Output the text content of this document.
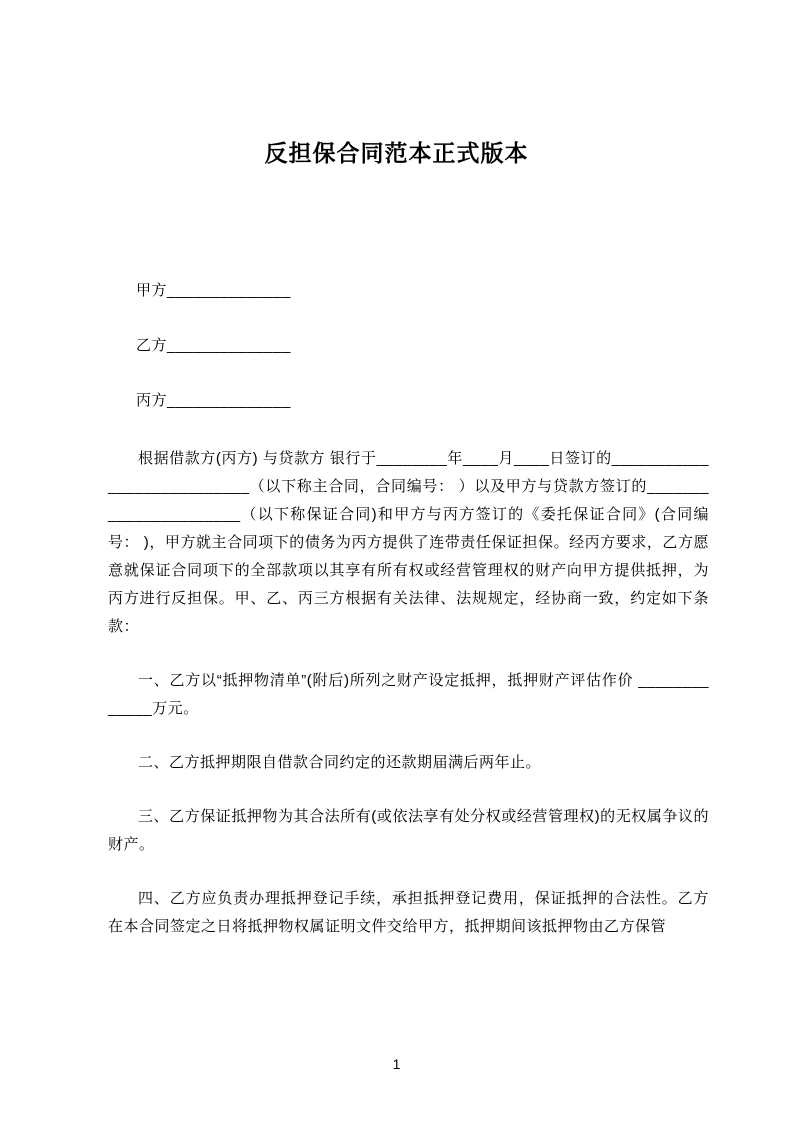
反担保合同范本正式版本

甲方______________

乙方______________

丙方______________

根据借款方(丙方) 与贷款方 银行于________年____月____日签订的___________________________（以下称主合同，合同编号： ）以及甲方与贷款方签订的______________________（以下称保证合同)和甲方与丙方签订的《委托保证合同》(合同编号： )，甲方就主合同项下的债务为丙方提供了连带责任保证担保。经丙方要求，乙方愿意就保证合同项下的全部款项以其享有所有权或经营管理权的财产向甲方提供抵押，为丙方进行反担保。甲、乙、丙三方根据有关法律、法规规定，经协商一致，约定如下条款：

一、乙方以“抵押物清单”(附后)所列之财产设定抵押，抵押财产评估作价 _____________万元。

二、乙方抵押期限自借款合同约定的还款期届满后两年止。

三、乙方保证抵押物为其合法所有(或依法享有处分权或经营管理权)的无权属争议的财产。

四、乙方应负责办理抵押登记手续，承担抵押登记费用，保证抵押的合法性。乙方在本合同签定之日将抵押物权属证明文件交给甲方，抵押期间该抵押物由乙方保管

1
